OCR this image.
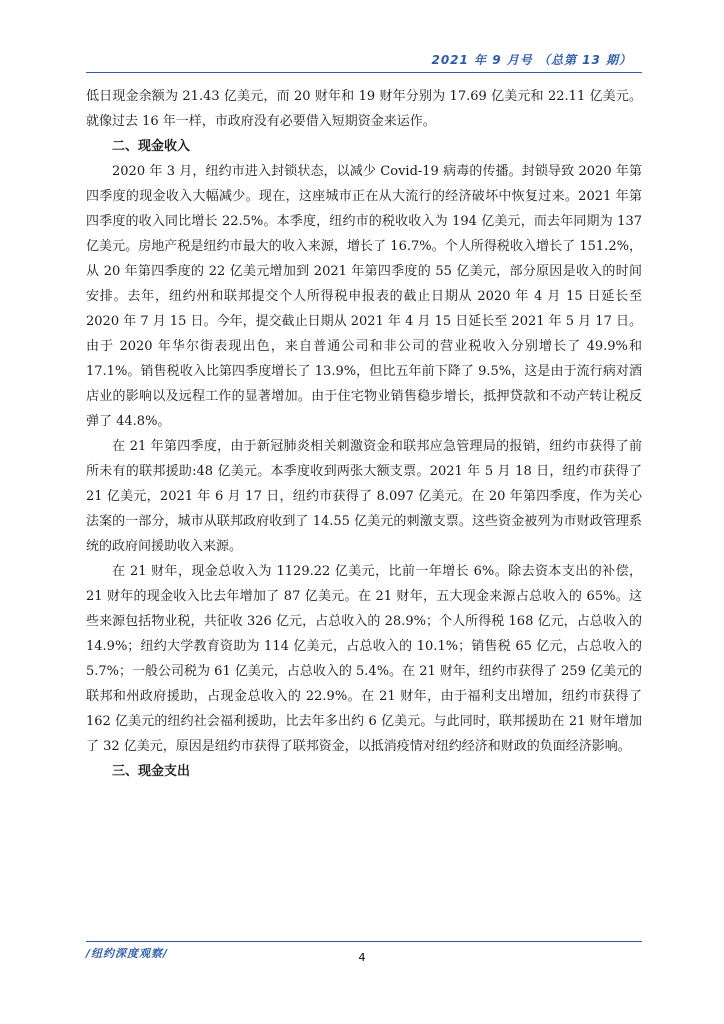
2021 年 9 月号 （总第 13 期）

低日现金余额为 21.43 亿美元，而 20 财年和 19 财年分别为 17.69 亿美元和 22.11 亿美元。就像过去 16 年一样，市政府没有必要借入短期资金来运作。

二、现金收入

2020 年 3 月，纽约市进入封锁状态，以减少 Covid-19 病毒的传播。封锁导致 2020 年第四季度的现金收入大幅减少。现在，这座城市正在从大流行的经济破坏中恢复过来。2021 年第四季度的收入同比增长 22.5%。本季度，纽约市的税收收入为 194 亿美元，而去年同期为 137 亿美元。房地产税是纽约市最大的收入来源，增长了 16.7%。个人所得税收入增长了 151.2%，从 20 年第四季度的 22 亿美元增加到 2021 年第四季度的 55 亿美元，部分原因是收入的时间安排。去年，纽约州和联邦提交个人所得税申报表的截止日期从 2020 年 4 月 15 日延长至 2020 年 7 月 15 日。今年，提交截止日期从 2021 年 4 月 15 日延长至 2021 年 5 月 17 日。由于 2020 年华尔街表现出色，来自普通公司和非公司的营业税收入分别增长了 49.9%和 17.1%。销售税收入比第四季度增长了 13.9%，但比五年前下降了 9.5%，这是由于流行病对酒店业的影响以及远程工作的显著增加。由于住宅物业销售稳步增长，抵押贷款和不动产转让税反弹了 44.8%。

在 21 年第四季度，由于新冠肺炎相关刺激资金和联邦应急管理局的报销，纽约市获得了前所未有的联邦援助:48 亿美元。本季度收到两张大额支票。2021 年 5 月 18 日，纽约市获得了 21 亿美元，2021 年 6 月 17 日，纽约市获得了 8.097 亿美元。在 20 年第四季度，作为关心法案的一部分，城市从联邦政府收到了 14.55 亿美元的刺激支票。这些资金被列为市财政管理系统的政府间援助收入来源。

在 21 财年，现金总收入为 1129.22 亿美元，比前一年增长 6%。除去资本支出的补偿，21 财年的现金收入比去年增加了 87 亿美元。在 21 财年，五大现金来源占总收入的 65%。这些来源包括物业税，共征收 326 亿元，占总收入的 28.9%；个人所得税 168 亿元，占总收入的 14.9%；纽约大学教育资助为 114 亿美元，占总收入的 10.1%；销售税 65 亿元，占总收入的 5.7%；一般公司税为 61 亿美元，占总收入的 5.4%。在 21 财年，纽约市获得了 259 亿美元的联邦和州政府援助，占现金总收入的 22.9%。在 21 财年，由于福利支出增加，纽约市获得了 162 亿美元的纽约社会福利援助，比去年多出约 6 亿美元。与此同时，联邦援助在 21 财年增加了 32 亿美元，原因是纽约市获得了联邦资金，以抵消疫情对纽约经济和财政的负面经济影响。

三、现金支出
/纽约深度观察/	4
